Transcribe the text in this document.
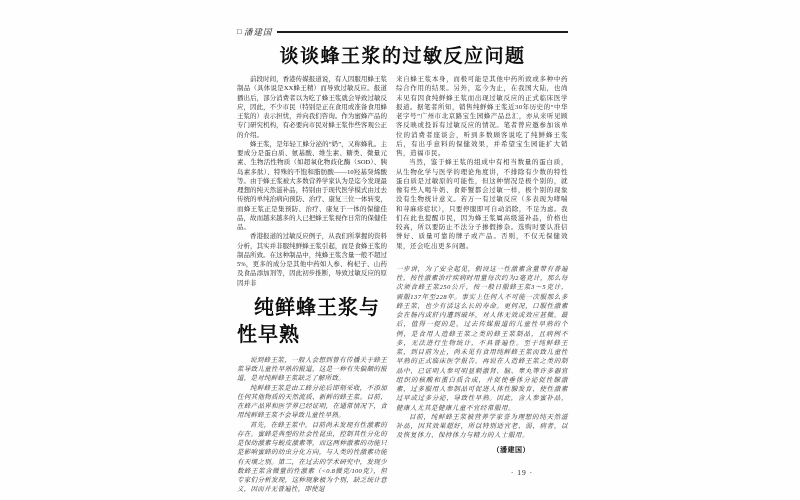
□ 潘建国
谈谈蜂王浆的过敏反应问题

前段时间，香港传媒报道说，有人因服用蜂王浆制品（具体说是XX蜂王精）而导致过敏反应。报道播出后，部分消费者以为吃了蜂王浆就会导致过敏反应，因此，不少市民（特别是正在食用或准备食用蜂王浆的）表示担忧，并向我们咨询。作为蜜蜂产品的专门研究机构，有必要向市民对蜂王浆作些客观公正的介绍。

蜂王浆，是年轻工蜂分泌的“奶”，又称蜂乳。主要成分是蛋白质、氨基酸、维生素、糖类、微量元素、生物活性物质（如超氧化物歧化酶（SOD）、胰岛素多肽）、特殊的不饱和脂肪酸——10羟基癸烯酸等。由于蜂王浆被大多数营养学家认为是迄今发现最理想的纯天然滋补品，特别由于现代医学模式由过去传统的单纯治病向预防、治疗、康复三位一体转变，而蜂王浆正是集预防、治疗、康复于一体的保健佳品，故而越来越多的人已把蜂王浆视作日常的保健佳品。

香港报道的过敏反应例子，从我们所掌握的资料分析，其实并非服纯鲜蜂王浆引起，而是食蜂王浆的制品所致。在这种制品中，纯蜂王浆含量一般不超过5%，更多的成分是其他中药如人参、枸杞子、山药及食品添加剂等，因此初步推断，导致过敏反应的原因并非

纯鲜蜂王浆与性早熟

说到蜂王浆，一般人会想到曾有传播关于蜂王浆导致儿童性早熟的报道，这是一种有失偏颇的报道，是对纯鲜蜂王浆缺乏了解所致。

纯鲜蜂王浆是由工蜂分泌后即刻采收，不添加任何其他物质的天然流质、新鲜的蜂王浆。目前，在蜂产品界和医学界已经证明，在通常情况下，食用纯鲜蜂王浆不会导致儿童性早熟。

首先，在蜂王浆中，目前尚未发现有性激素的存在。蜜蜂是典型的社会性昆虫，控制其性分化的是保幼激素与蜕皮激素等，而这两种激素的功能只是影响蜜蜂的幼虫分化方向，与人类的性激素功能有天壤之别。第二，在过去的学术研究中，发现少数蜂王浆含微量的性激素（<0.8微克/100克），但专家们分析发现，这种现象极为个别，缺乏统计意义，因而并无普遍性，即使退

来自蜂王浆本身，而极可能是其他中药所致或多种中药综合作用的结果。另外，迄今为止，在我国大陆，也尚未见有因食纯鲜蜂王浆而出现过敏反应的正式临床医学报道。据笔者所知，销售纯鲜蜂王浆近30年历史的“中华老字号”广州市北京路宝生园蜂产品总汇，亦从来听见顾客反映或投诉有过敏反应的情况。笔者曾应邀参加该单位的消费者座谈会，听到多数顾客说吃了纯鲜蜂王浆后，有出乎意料的保健效果，并希望宝生园能扩大销售，造福市民。

当然，鉴于蜂王浆的组成中有相当数量的蛋白质，从生物化学与医学的理论角度讲，不排除有少数的特性蛋白质是过敏原的可能性，但这种情况是极个别的，就像有些人喝牛奶、食虾蟹都会过敏一样，极个别的现象没有生物统计意义。若万一有过敏反应（多表现为哮喘和荨麻疹症状），只要停服即可自动消除，不足为虑。我们在此也提醒市民，因为蜂王浆属高级滋补品，价格也较高，所以要防止不法分子掺假掺杂。选购时要认准信誉好、质量可靠的牌子或产品。否则，不仅无保健效果，还会吃出更多问题。

一步讲，为了安全起见，假设这一性激素含量带有普遍性，按性激素治疗疾病时用量每次约为2毫克计，那么每次须食蜂王浆250公斤，按一般日服蜂王浆3～5克计，需服137年至228年。事实上任何人不可能一次服那么多蜂王浆，也少有活这么长的寿命。更何况，口服性激素会在肠内或肝内遭到破坏，对人体无效或效应甚微。最后，值得一提的是，过去传媒报道的儿童性早熟的个例，是食用人造蜂王浆之类的蜂王浆制品，且病例不多，无法进行生物统计，不具普遍性。至于纯鲜蜂王浆，到目前为止，尚未见有食用纯鲜蜂王浆而致儿童性早熟的正式临床医学报告。再说在人造蜂王浆之类的制品中，已证明人参可明显刺激肾、脑、睾丸等许多器官组织的核酸和蛋白质合成，并促使垂体分泌促性腺激素，过多服用人参制品可促进人体性腺发育，使性激素过早或过多分泌，导致性早熟。因此，含人参蜜补品，健康人尤其是健康儿童不宜经常服用。

目前，纯鲜蜂王浆被营养学家誉为理想的纯天然滋补品，因其效果超好，所以特别适宜老、弱、病者，以及恢复体力、保持体力与精力的人士服用。

（潘建国）
· 19 ·
